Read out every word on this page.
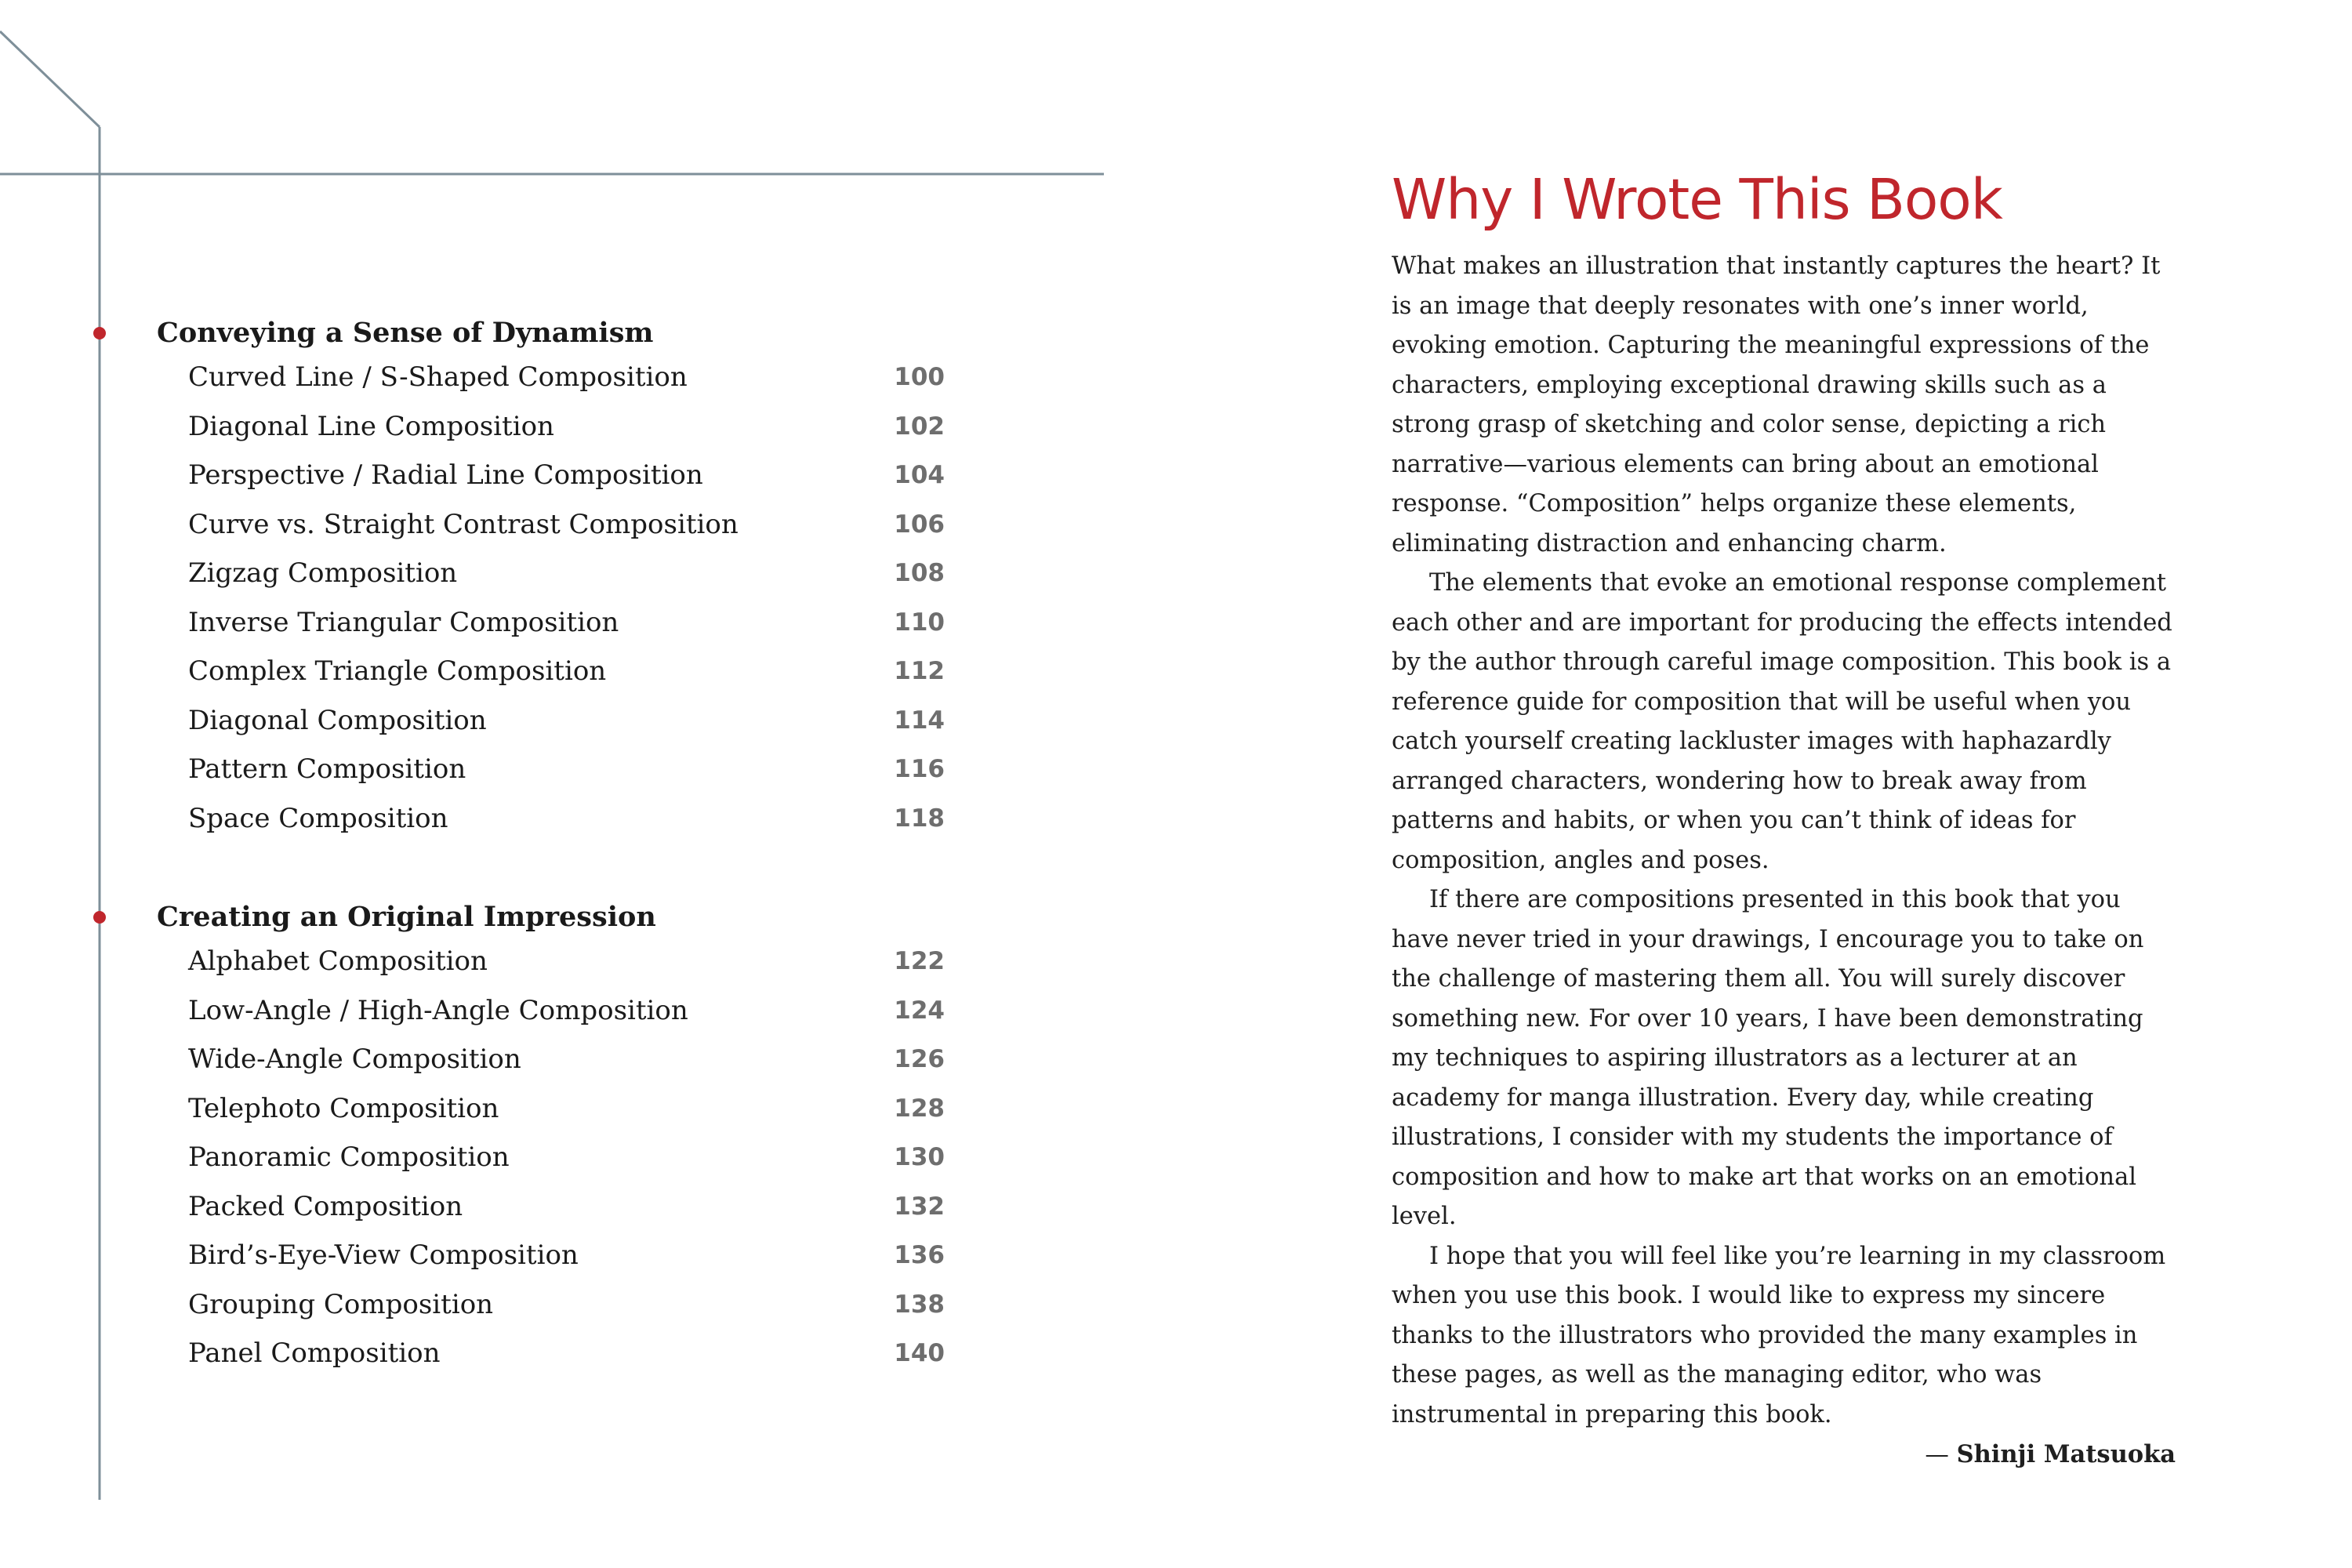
Conveying a Sense of Dynamism
Curved Line / S-Shaped Composition	100
Diagonal Line Composition	102
Perspective / Radial Line Composition	104
Curve vs. Straight Contrast Composition	106
Zigzag Composition	108
Inverse Triangular Composition	110
Complex Triangle Composition	112
Diagonal Composition	114
Pattern Composition	116
Space Composition	118
Creating an Original Impression
Alphabet Composition	122
Low-Angle / High-Angle Composition	124
Wide-Angle Composition	126
Telephoto Composition	128
Panoramic Composition	130
Packed Composition	132
Bird’s-Eye-View Composition	136
Grouping Composition	138
Panel Composition	140
Why I Wrote This Book

What makes an illustration that instantly captures the heart? It is an image that deeply resonates with one’s inner world, evoking emotion. Capturing the meaningful expressions of the characters, employing exceptional drawing skills such as a strong grasp of sketching and color sense, depicting a rich narrative—various elements can bring about an emotional response. “Composition” helps organize these elements, eliminating distraction and enhancing charm.

The elements that evoke an emotional response complement each other and are important for producing the effects intended by the author through careful image composition. This book is a reference guide for composition that will be useful when you catch yourself creating lackluster images with haphazardly arranged characters, wondering how to break away from patterns and habits, or when you can’t think of ideas for composition, angles and poses.

If there are compositions presented in this book that you have never tried in your drawings, I encourage you to take on the challenge of mastering them all. You will surely discover something new. For over 10 years, I have been demonstrating my techniques to aspiring illustrators as a lecturer at an academy for manga illustration. Every day, while creating illustrations, I consider with my students the importance of composition and how to make art that works on an emotional level.

I hope that you will feel like you’re learning in my classroom when you use this book. I would like to express my sincere thanks to the illustrators who provided the many examples in these pages, as well as the managing editor, who was instrumental in preparing this book.

— Shinji Matsuoka
